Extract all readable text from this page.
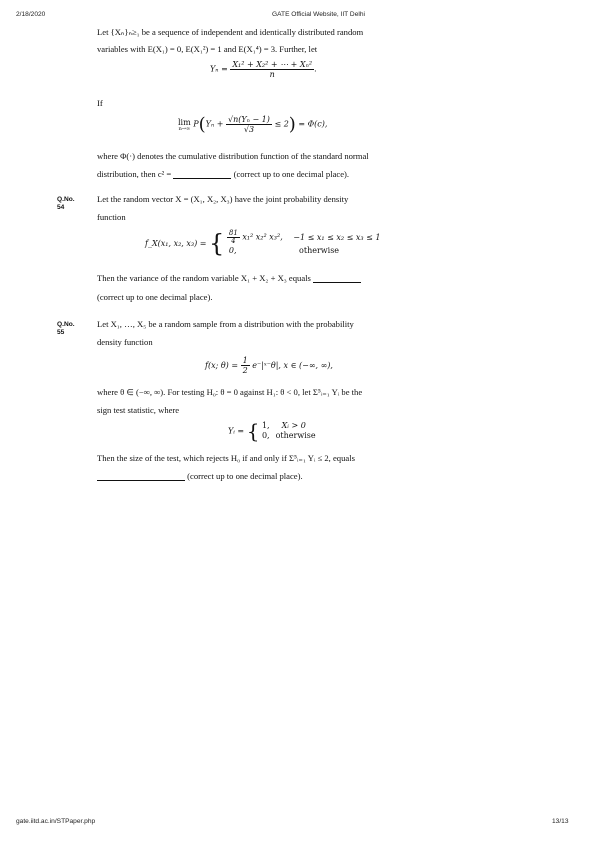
2/18/2020	GATE Official Website, IIT Delhi
Let {Xₙ}ₙ≥₁ be a sequence of independent and identically distributed random
variables with E(X₁) = 0, E(X₁²) = 1 and E(X₁⁴) = 3. Further, let
$Y_n = \frac{\text{X₁² + X₂² + ⋯ + Xₙ²}}{n}$ .
If
lim
n→∞ $P(Y_n + \frac{\text{√n(Yₙ − 1)}}{√3} \le 2) = \Phi(c)$,
where Φ(·) denotes the cumulative distribution function of the standard normal
distribution, then c² =	(correct up to one decimal place).
Q.No.
54
Let the random vector X = (X₁, X₂, X₃) have the joint probability density
function
f_X(x₁, x₂, x₃) = { $\frac{81}{4} x_1^2$ x₂² x₃², −1 ≤ x₁ ≤ x₂ ≤ x₃ ≤ 1
0,	otherwise
Then the variance of the random variable X₁ + X₂ + X₃ equals
(correct up to one decimal place).
Q.No.
55
Let X₁, …, X₅ be a random sample from a distribution with the probability
density function
f(x; $\theta) = \frac{1}{2}$ e⁻|ˣ⁻θ|, x ∈ (−∞, ∞),
where θ ∈ (−∞, ∞). For testing H₀: θ = 0 against H₁: θ < 0, let Σ⁵ᵢ₌₁ Yᵢ be the
sign test statistic, where
Yᵢ = { 1, Xᵢ > 0
0, otherwise
Then the size of the test, which rejects H₀ if and only if Σ⁵ᵢ₌₁ Yᵢ ≤ 2, equals
(correct up to one decimal place).
gate.iitd.ac.in/STPaper.php	13/13
